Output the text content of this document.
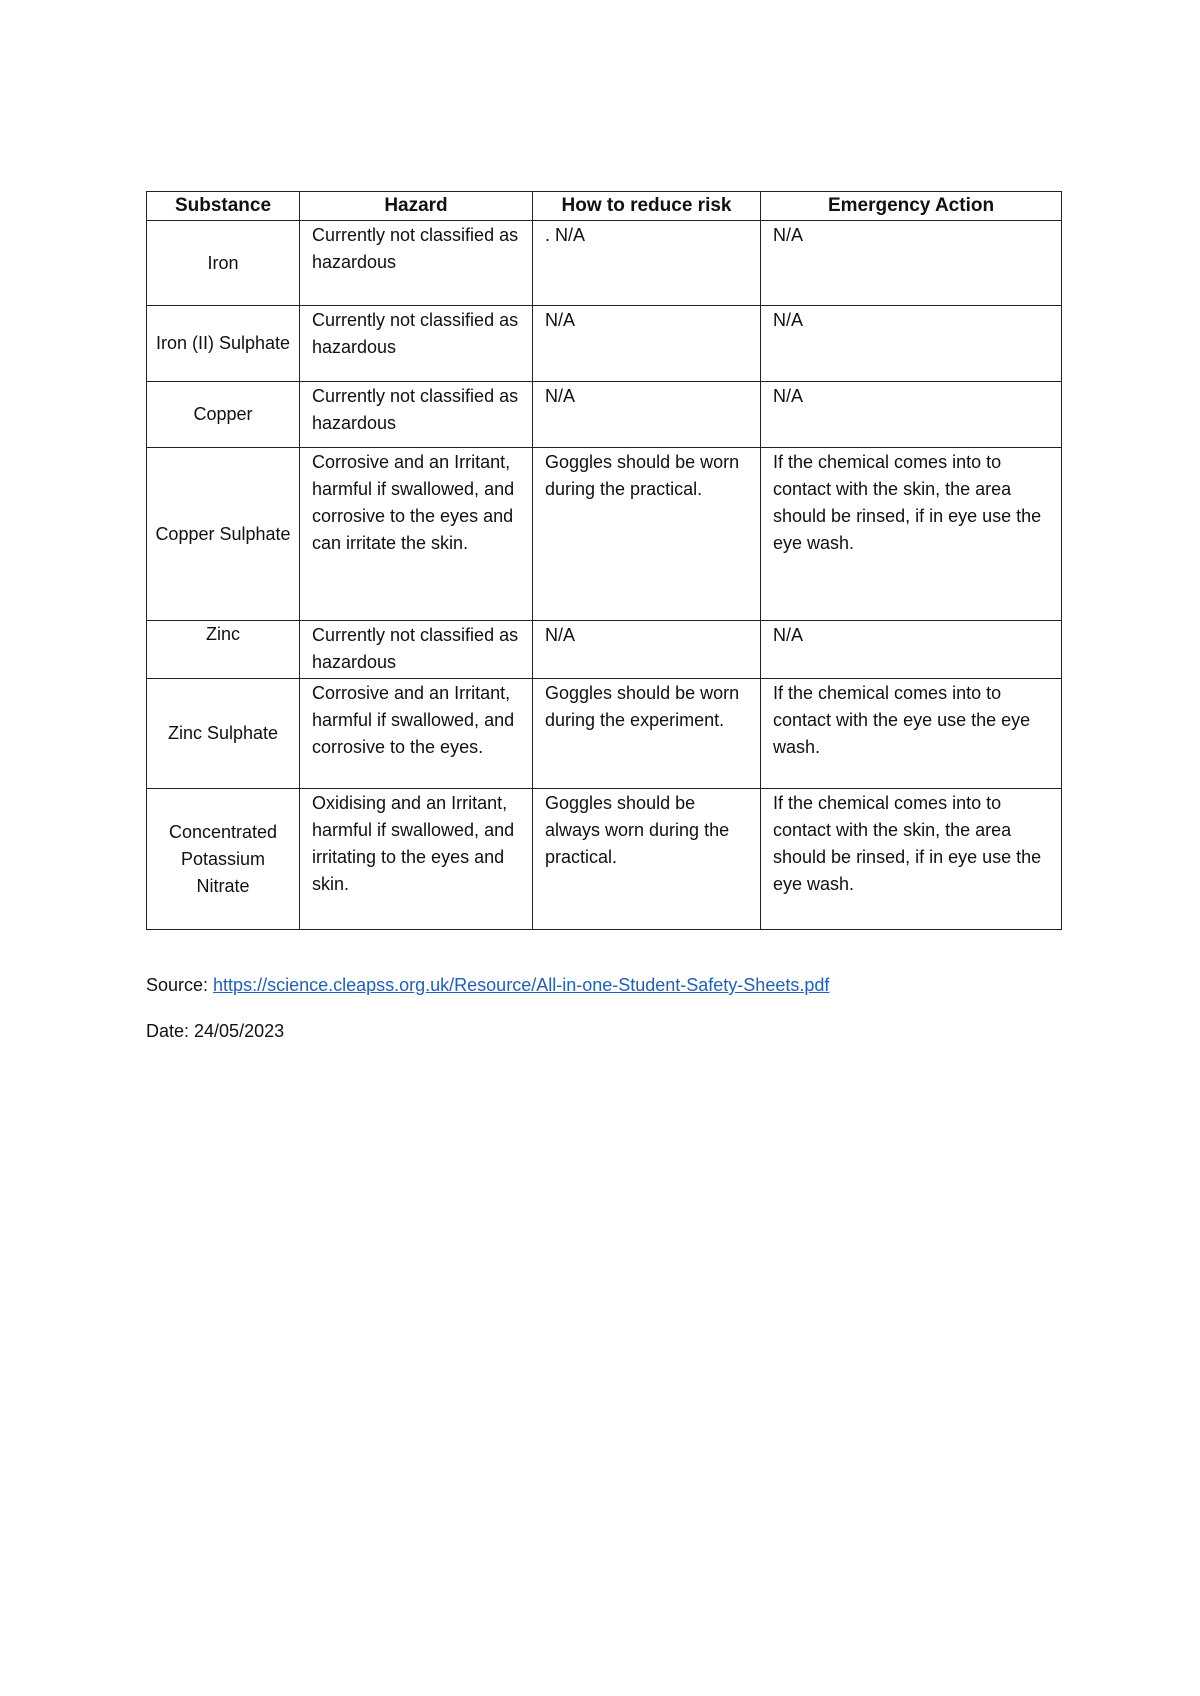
Substance	Hazard	How to reduce risk	Emergency Action
Iron	Currently not classified as hazardous	. N/A	N/A
Iron (II) Sulphate	Currently not classified as hazardous	N/A	N/A
Copper	Currently not classified as hazardous	N/A	N/A
Copper Sulphate	Corrosive and an Irritant, harmful if swallowed, and corrosive to the eyes and can irritate the skin.	Goggles should be worn during the practical.	If the chemical comes into to contact with the skin, the area should be rinsed, if in eye use the eye wash.
Zinc	Currently not classified as hazardous	N/A	N/A
Zinc Sulphate	Corrosive and an Irritant, harmful if swallowed, and corrosive to the eyes.	Goggles should be worn during the experiment.	If the chemical comes into to contact with the eye use the eye wash.
Concentrated Potassium Nitrate	Oxidising and an Irritant, harmful if swallowed, and irritating to the eyes and skin.	Goggles should be always worn during the practical.	If the chemical comes into to contact with the skin, the area should be rinsed, if in eye use the eye wash.
Source: https://science.cleapss.org.uk/Resource/All-in-one-Student-Safety-Sheets.pdf
Date: 24/05/2023
